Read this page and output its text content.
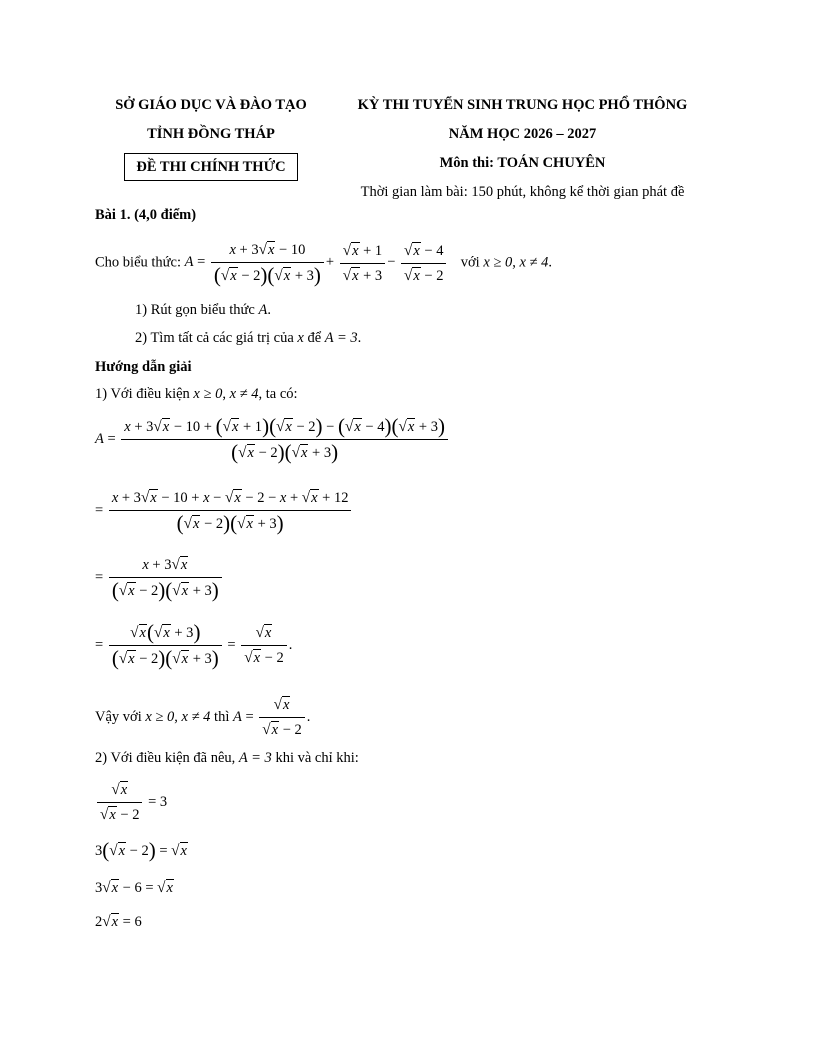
SỞ GIÁO DỤC VÀ ĐÀO TẠO
TỈNH ĐỒNG THÁP
ĐỀ THI CHÍNH THỨC
KỲ THI TUYỂN SINH TRUNG HỌC PHỔ THÔNG
NĂM HỌC 2026 – 2027
Môn thi: TOÁN CHUYÊN
Thời gian làm bài: 150 phút, không kể thời gian phát đề
Bài 1. (4,0 điểm)
Cho biểu thức: $A = \frac{x + 3√x - 10}{(√x - 2)(√x + 3)} + \frac{√x + 1}{√x + 3} - \frac{√x - 4}{√x - 2}$ với x ≥ 0, x ≠ 4.
1) Rút gọn biểu thức A.
2) Tìm tất cả các giá trị của x để A = 3.
Hướng dẫn giải
1) Với điều kiện x ≥ 0, x ≠ 4, ta có:
$A = \frac{x + 3√x - 10 + (√x + 1)(√x - 2) - (√x - 4)(√x + 3)}{(√x - 2)(√x + 3)}$
= $\frac{x + 3√x - 10 + x - √x - 2 - x + √x + 12}{(√x - 2)(√x + 3)}$
= $\frac{x + 3√x}{(√x - 2)(√x + 3)}$
= $\frac{√x(√x + 3)}{(√x - 2)(√x + 3)} = \frac{√x}{√x - 2}$ .
Vậy với x ≥ 0, x ≠ 4 thì $A = \frac{√x}{√x - 2}$ .
2) Với điều kiện đã nêu, A = 3 khi và chỉ khi:
$\frac{√x}{√x - 2} = 3$
3(√x − 2) = √x
3√x − 6 = √x
2√x = 6
